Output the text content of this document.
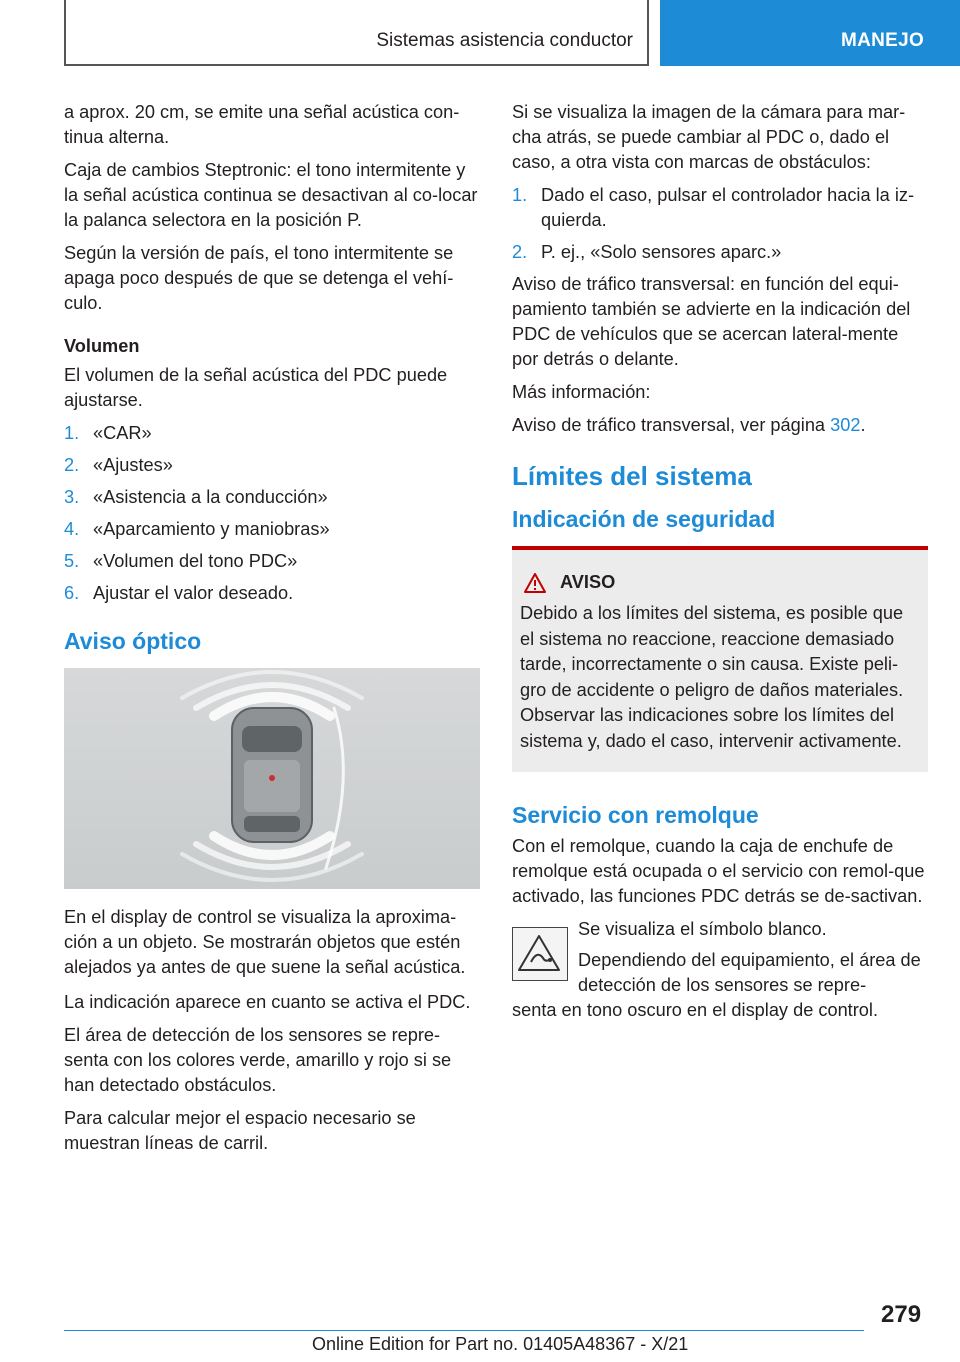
Sistemas asistencia conductor	MANEJO

a aprox. 20 cm, se emite una señal acústica con‐tinua alterna.

Caja de cambios Steptronic: el tono intermitente y la señal acústica continua se desactivan al co‐locar la palanca selectora en la posición P.

Según la versión de país, el tono intermitente se apaga poco después de que se detenga el vehí‐culo.

Volumen

El volumen de la señal acústica del PDC puede ajustarse.

1. «CAR»
2. «Ajustes»
3. «Asistencia a la conducción»
4. «Aparcamiento y maniobras»
5. «Volumen del tono PDC»
6. Ajustar el valor deseado.
Aviso óptico

En el display de control se visualiza la aproxima‐ción a un objeto. Se mostrarán objetos que estén alejados ya antes de que suene la señal acústica.

La indicación aparece en cuanto se activa el PDC.

El área de detección de los sensores se repre‐senta con los colores verde, amarillo y rojo si se han detectado obstáculos.

Para calcular mejor el espacio necesario se muestran líneas de carril.

Si se visualiza la imagen de la cámara para mar‐cha atrás, se puede cambiar al PDC o, dado el caso, a otra vista con marcas de obstáculos:

1. Dado el caso, pulsar el controlador hacia la iz‐quierda.
2. P. ej., «Solo sensores aparc.»

Aviso de tráfico transversal: en función del equi‐pamiento también se advierte en la indicación del PDC de vehículos que se acercan lateral‐mente por detrás o delante.

Más información:

Aviso de tráfico transversal, ver página 302.

Límites del sistema
Indicación de seguridad
AVISO

Debido a los límites del sistema, es posible que el sistema no reaccione, reaccione demasiado tarde, incorrectamente o sin causa. Existe peli‐gro de accidente o peligro de daños materiales. Observar las indicaciones sobre los límites del sistema y, dado el caso, intervenir activamente.

Servicio con remolque

Con el remolque, cuando la caja de enchufe de remolque está ocupada o el servicio con remol‐que activado, las funciones PDC detrás se de‐sactivan.

Se visualiza el símbolo blanco.

Dependiendo del equipamiento, el área de detección de los sensores se repre‐

senta en tono oscuro en el display de control.

279
Online Edition for Part no. 01405A48367 - X/21
